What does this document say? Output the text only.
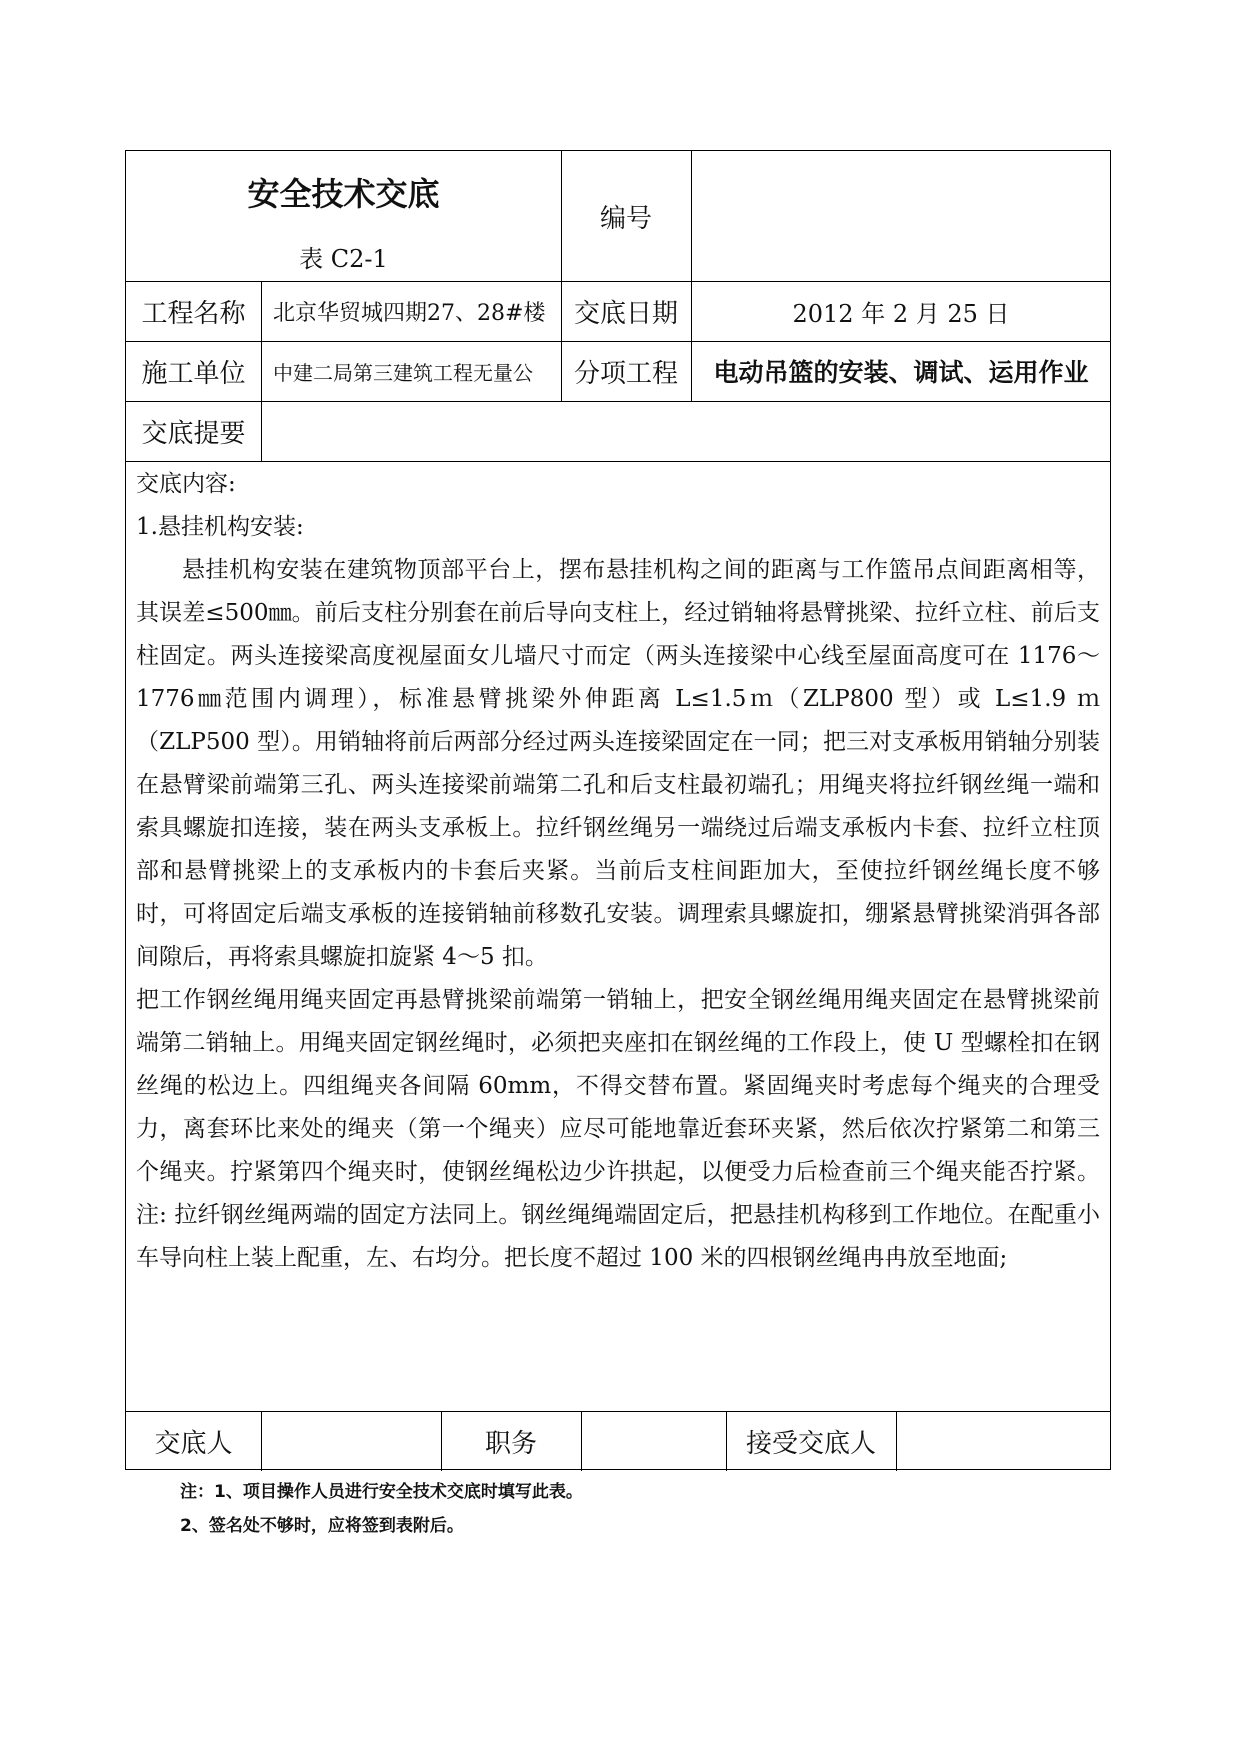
安全技术交底
表 C2-1
编号
工程名称	北京华贸城四期27、28#楼	交底日期	2012 年 2 月 25 日
施工单位	中建二局第三建筑工程无量公	分项工程	电动吊篮的安装、调试、运用作业
交底提要

交底内容:

1.悬挂机构安装:

悬挂机构安装在建筑物顶部平台上，摆布悬挂机构之间的距离与工作篮吊点间距离相等，其误差≤500㎜。前后支柱分别套在前后导向支柱上，经过销轴将悬臂挑梁、拉纤立柱、前后支柱固定。两头连接梁高度视屋面女儿墙尺寸而定（两头连接梁中心线至屋面高度可在 1176～1776㎜范围内调理），标准悬臂挑梁外伸距离 L≤1.5ｍ（ZLP800 型）或 L≤1.9 ｍ（ZLP500 型）。用销轴将前后两部分经过两头连接梁固定在一同；把三对支承板用销轴分别装在悬臂梁前端第三孔、两头连接梁前端第二孔和后支柱最初端孔；用绳夹将拉纤钢丝绳一端和索具螺旋扣连接，装在两头支承板上。拉纤钢丝绳另一端绕过后端支承板内卡套、拉纤立柱顶部和悬臂挑梁上的支承板内的卡套后夹紧。当前后支柱间距加大，至使拉纤钢丝绳长度不够时，可将固定后端支承板的连接销轴前移数孔安装。调理索具螺旋扣，绷紧悬臂挑梁消弭各部间隙后，再将索具螺旋扣旋紧 4～5 扣。

把工作钢丝绳用绳夹固定再悬臂挑梁前端第一销轴上，把安全钢丝绳用绳夹固定在悬臂挑梁前端第二销轴上。用绳夹固定钢丝绳时，必须把夹座扣在钢丝绳的工作段上，使 U 型螺栓扣在钢丝绳的松边上。四组绳夹各间隔 60mm，不得交替布置。紧固绳夹时考虑每个绳夹的合理受力，离套环比来处的绳夹（第一个绳夹）应尽可能地靠近套环夹紧，然后依次拧紧第二和第三个绳夹。拧紧第四个绳夹时，使钢丝绳松边少许拱起，以便受力后检查前三个绳夹能否拧紧。注: 拉纤钢丝绳两端的固定方法同上。钢丝绳绳端固定后，把悬挂机构移到工作地位。在配重小车导向柱上装上配重，左、右均分。把长度不超过 100 米的四根钢丝绳冉冉放至地面;

交底人	职务	接受交底人
注：1、项目操作人员进行安全技术交底时填写此表。
2、签名处不够时，应将签到表附后。
